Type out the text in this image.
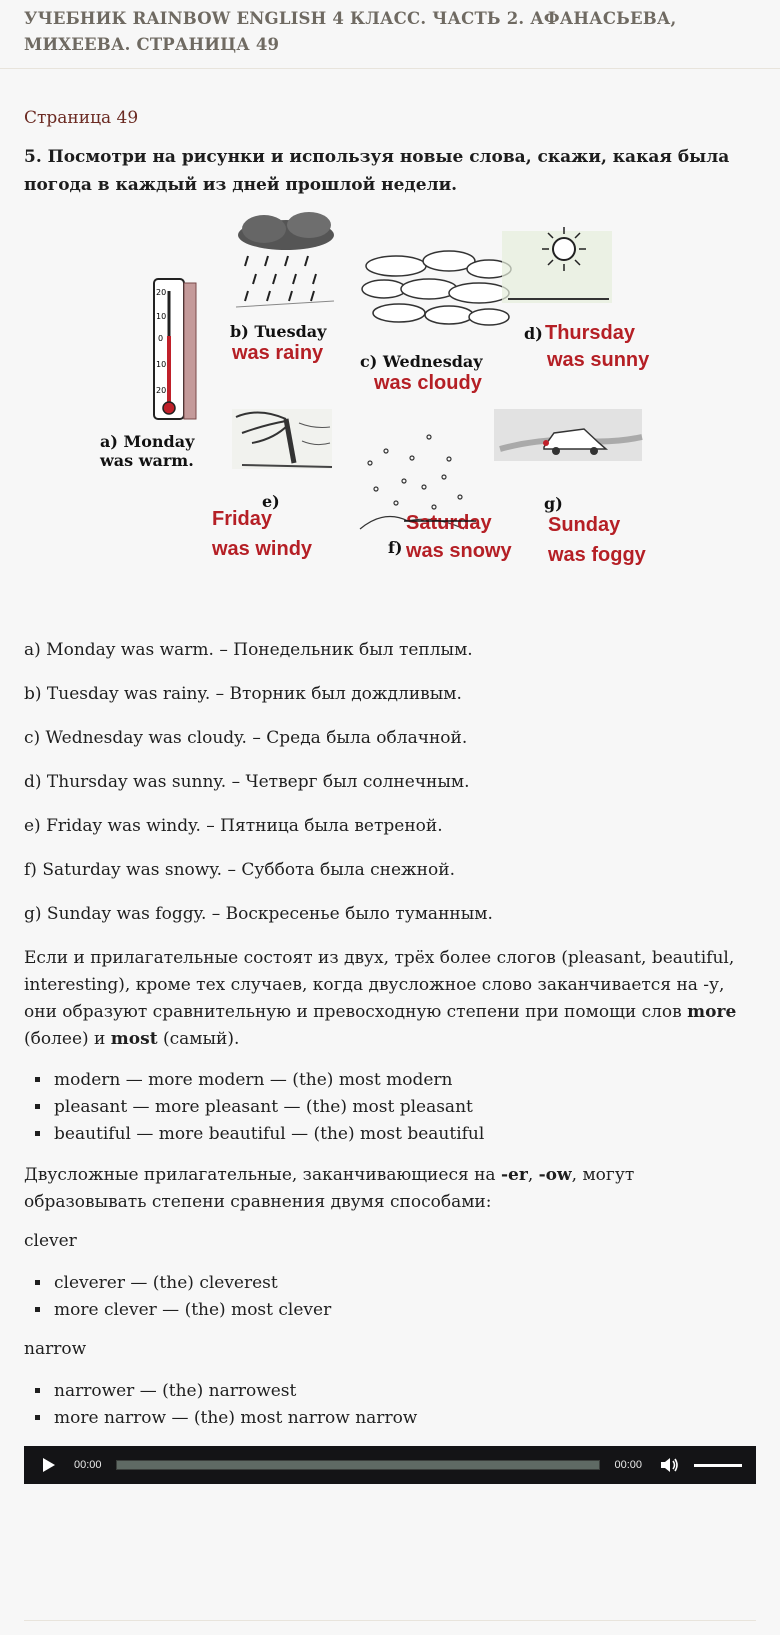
УЧЕБНИК RAINBOW ENGLISH 4 КЛАСС. ЧАСТЬ 2. АФАНАСЬЕВА, МИХЕЕВА. СТРАНИЦА 49

Страница 49

5. Посмотри на рисунки и используя новые слова, скажи, какая была погода в каждый из дней прошлой недели.

20
10
0
10
20
a) Monday
was warm.
b) Tuesday
was rainy c) Wednesday
was cloudy
d) Thursday
was sunny
e)
Friday
was windy
Saturday
f) was snowy
g)
Sunday
was foggy

a) Monday was warm. – Понедельник был теплым.

b) Tuesday was rainy. – Вторник был дождливым.

c) Wednesday was cloudy. – Среда была облачной.

d) Thursday was sunny. – Четверг был солнечным.

e) Friday was windy. – Пятница была ветреной.

f) Saturday was snowy. – Суббота была снежной.

g) Sunday was foggy. – Воскресенье было туманным.

Если и прилагательные состоят из двух, трёх более слогов (pleasant, beautiful, interesting), кроме тех случаев, когда двусложное слово заканчивается на -у, они образуют сравнительную и превосходную степени при помощи слов more (более) и most (самый).

▪ modern — more modern — (the) most modern
▪ pleasant — more pleasant — (the) most pleasant
▪ beautiful — more beautiful — (the) most beautiful

Двусложные прилагательные, заканчивающиеся на -er, -ow, могут образовывать степени сравнения двумя способами:

clever

▪ cleverer — (the) cleverest
▪ more clever — (the) most clever

narrow

▪ narrower — (the) narrowest
▪ more narrow — (the) most narrow narrow
00:00	00:00
